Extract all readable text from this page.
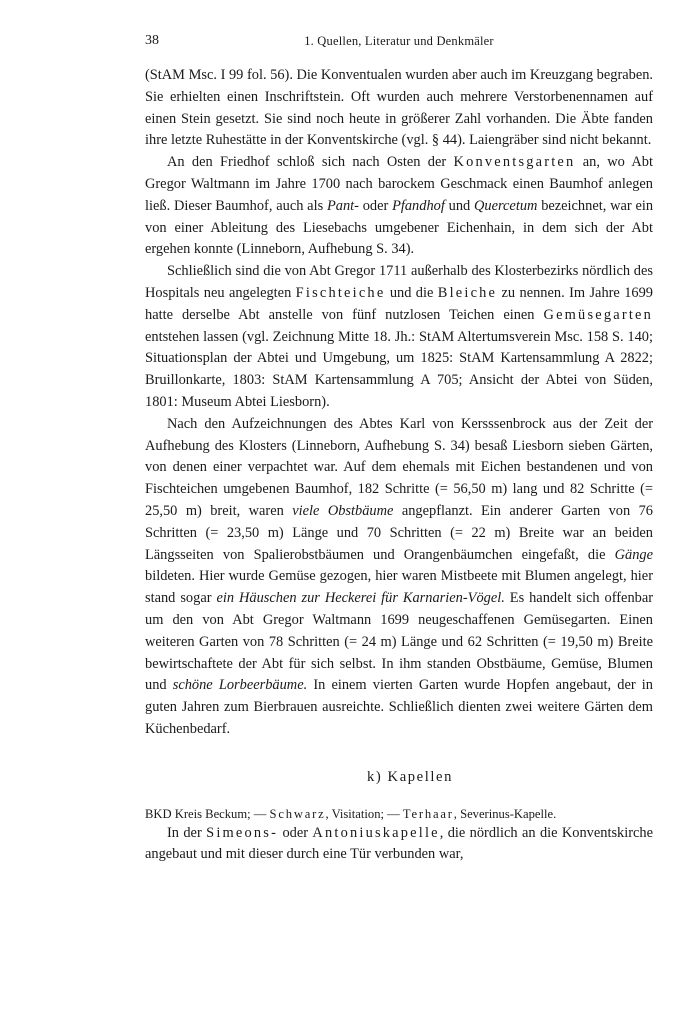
38	1. Quellen, Literatur und Denkmäler

(StAM Msc. I 99 fol. 56). Die Konventualen wurden aber auch im Kreuzgang begraben. Sie erhielten einen Inschriftstein. Oft wurden auch mehrere Verstorbenennamen auf einen Stein gesetzt. Sie sind noch heute in größerer Zahl vorhanden. Die Äbte fanden ihre letzte Ruhestätte in der Konventskirche (vgl. § 44). Laiengräber sind nicht bekannt.

An den Friedhof schloß sich nach Osten der Konventsgarten an, wo Abt Gregor Waltmann im Jahre 1700 nach barockem Geschmack einen Baumhof anlegen ließ. Dieser Baumhof, auch als Pant- oder Pfandhof und Quercetum bezeichnet, war ein von einer Ableitung des Liesebachs umgebener Eichenhain, in dem sich der Abt ergehen konnte (Linneborn, Aufhebung S. 34).

Schließlich sind die von Abt Gregor 1711 außerhalb des Klosterbezirks nördlich des Hospitals neu angelegten Fischteiche und die Bleiche zu nennen. Im Jahre 1699 hatte derselbe Abt anstelle von fünf nutzlosen Teichen einen Gemüsegarten entstehen lassen (vgl. Zeichnung Mitte 18. Jh.: StAM Altertumsverein Msc. 158 S. 140; Situationsplan der Abtei und Umgebung, um 1825: StAM Kartensammlung A 2822; Bruillonkarte, 1803: StAM Kartensammlung A 705; Ansicht der Abtei von Süden, 1801: Museum Abtei Liesborn).

Nach den Aufzeichnungen des Abtes Karl von Kersssenbrock aus der Zeit der Aufhebung des Klosters (Linneborn, Aufhebung S. 34) besaß Liesborn sieben Gärten, von denen einer verpachtet war. Auf dem ehemals mit Eichen bestandenen und von Fischteichen umgebenen Baumhof, 182 Schritte (= 56,50 m) lang und 82 Schritte (= 25,50 m) breit, waren viele Obstbäume angepflanzt. Ein anderer Garten von 76 Schritten (= 23,50 m) Länge und 70 Schritten (= 22 m) Breite war an beiden Längsseiten von Spalierobstbäumen und Orangenbäumchen eingefaßt, die Gänge bildeten. Hier wurde Gemüse gezogen, hier waren Mistbeete mit Blumen angelegt, hier stand sogar ein Häuschen zur Heckerei für Karnarien-Vögel. Es handelt sich offenbar um den von Abt Gregor Waltmann 1699 neugeschaffenen Gemüsegarten. Einen weiteren Garten von 78 Schritten (= 24 m) Länge und 62 Schritten (= 19,50 m) Breite bewirtschaftete der Abt für sich selbst. In ihm standen Obstbäume, Gemüse, Blumen und schöne Lorbeerbäume. In einem vierten Garten wurde Hopfen angebaut, der in guten Jahren zum Bierbrauen ausreichte. Schließlich dienten zwei weitere Gärten dem Küchenbedarf.

k) Kapellen

BKD Kreis Beckum; — Schwarz, Visitation; — Terhaar, Severinus-Kapelle.

In der Simeons- oder Antoniuskapelle, die nördlich an die Konventskirche angebaut und mit dieser durch eine Tür verbunden war,
